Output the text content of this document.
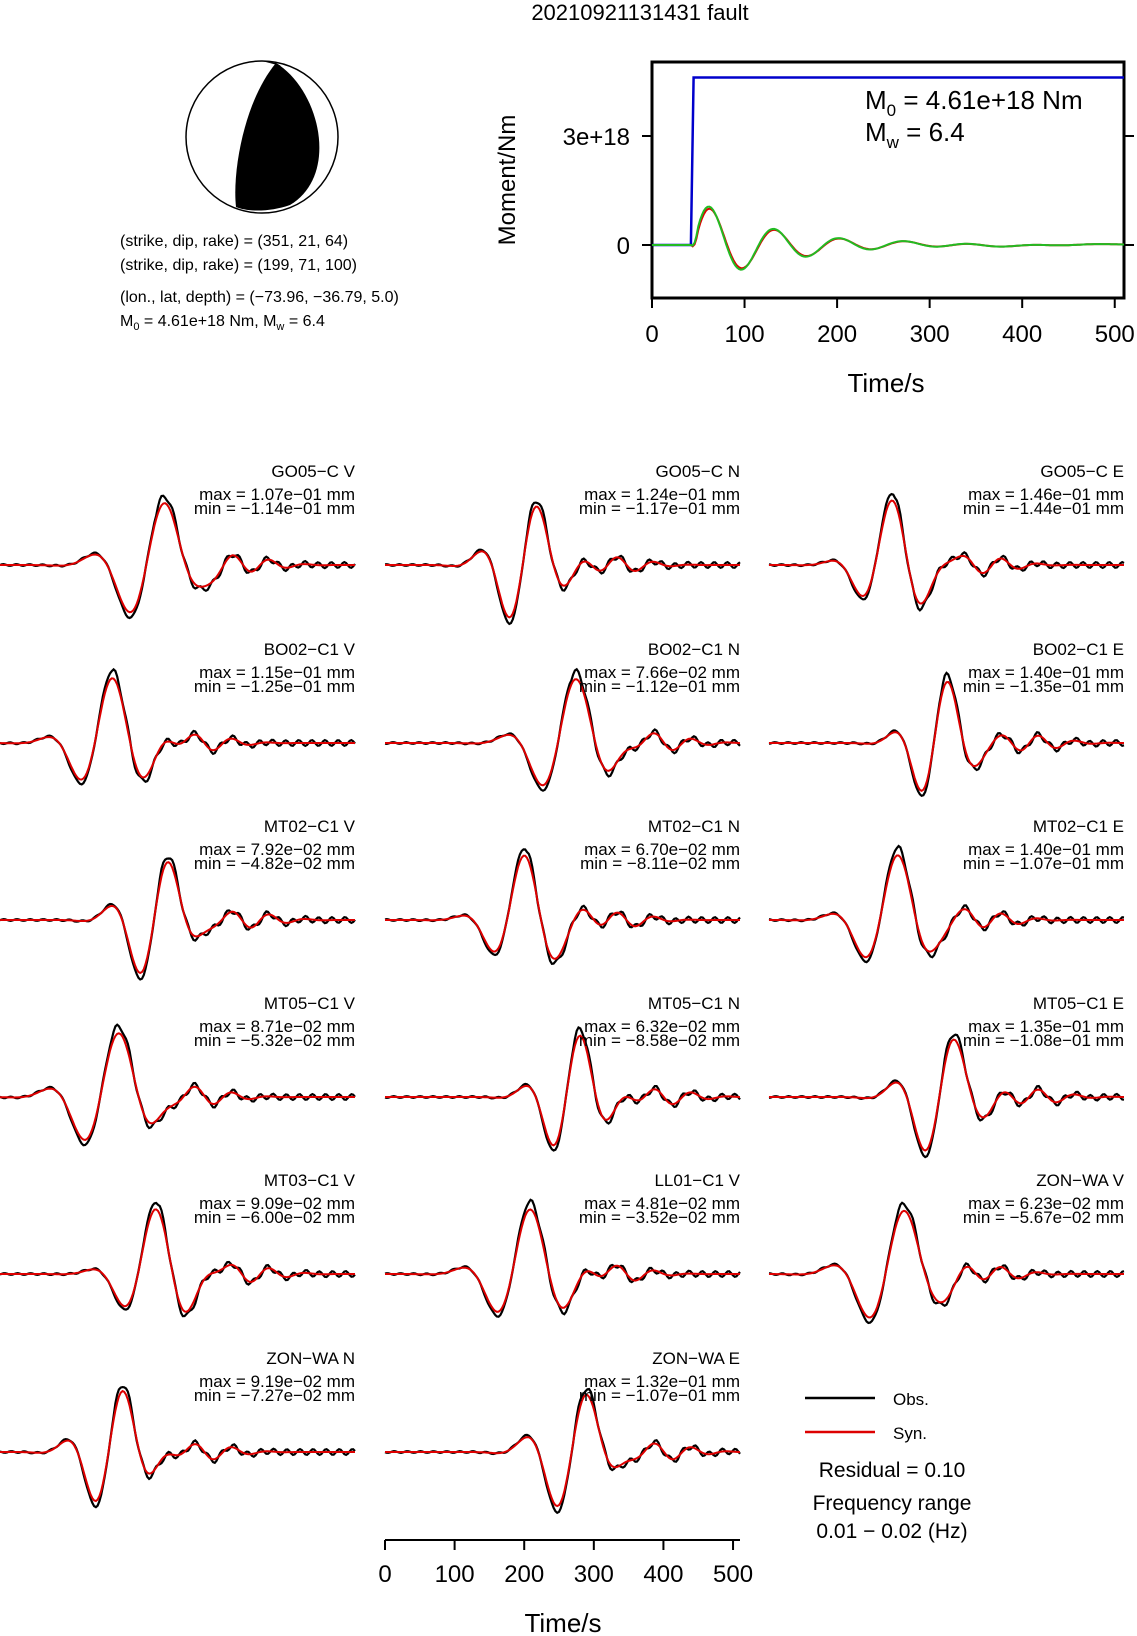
20210921131431 fault
(strike, dip, rake) = (351, 21, 64)
(strike, dip, rake) = (199, 71, 100)
(lon., lat, depth) = (−73.96, −36.79, 5.0)
$M_0 = 4.61e+18$ Nm, $M_w = 6.4$	0	100 200 300 400 500
0
3e+18
Moment/Nm
Time/s
$M_0 = 4.61e+18$ Nm
$M_w = 6.4$
GO05−C V
max = 1.07e−01 mm
min = −1.14e−01 mm
GO05−C N
max = 1.24e−01 mm
min = −1.17e−01 mm
GO05−C E
max = 1.46e−01 mm
min = −1.44e−01 mm
BO02−C1 V
max = 1.15e−01 mm
min = −1.25e−01 mm
BO02−C1 N
max = 7.66e−02 mm
min = −1.12e−01 mm
BO02−C1 E
max = 1.40e−01 mm
min = −1.35e−01 mm
MT02−C1 V
max = 7.92e−02 mm
min = −4.82e−02 mm
MT02−C1 N
max = 6.70e−02 mm
min = −8.11e−02 mm
MT02−C1 E
max = 1.40e−01 mm
min = −1.07e−01 mm
MT05−C1 V
max = 8.71e−02 mm
min = −5.32e−02 mm
MT05−C1 N
max = 6.32e−02 mm
min = −8.58e−02 mm
MT05−C1 E
max = 1.35e−01 mm
min = −1.08e−01 mm
MT03−C1 V
max = 9.09e−02 mm
min = −6.00e−02 mm
LL01−C1 V
max = 4.81e−02 mm
min = −3.52e−02 mm
ZON−WA V
max = 6.23e−02 mm
min = −5.67e−02 mm
ZON−WA N
max = 9.19e−02 mm
min = −7.27e−02 mm
ZON−WA E
max = 1.32e−01 mm
min = −1.07e−01 mm
0 100 200 300 400 500
Time/s
Obs.
Syn.
Residual = 0.10
Frequency range
0.01 − 0.02 (Hz)
